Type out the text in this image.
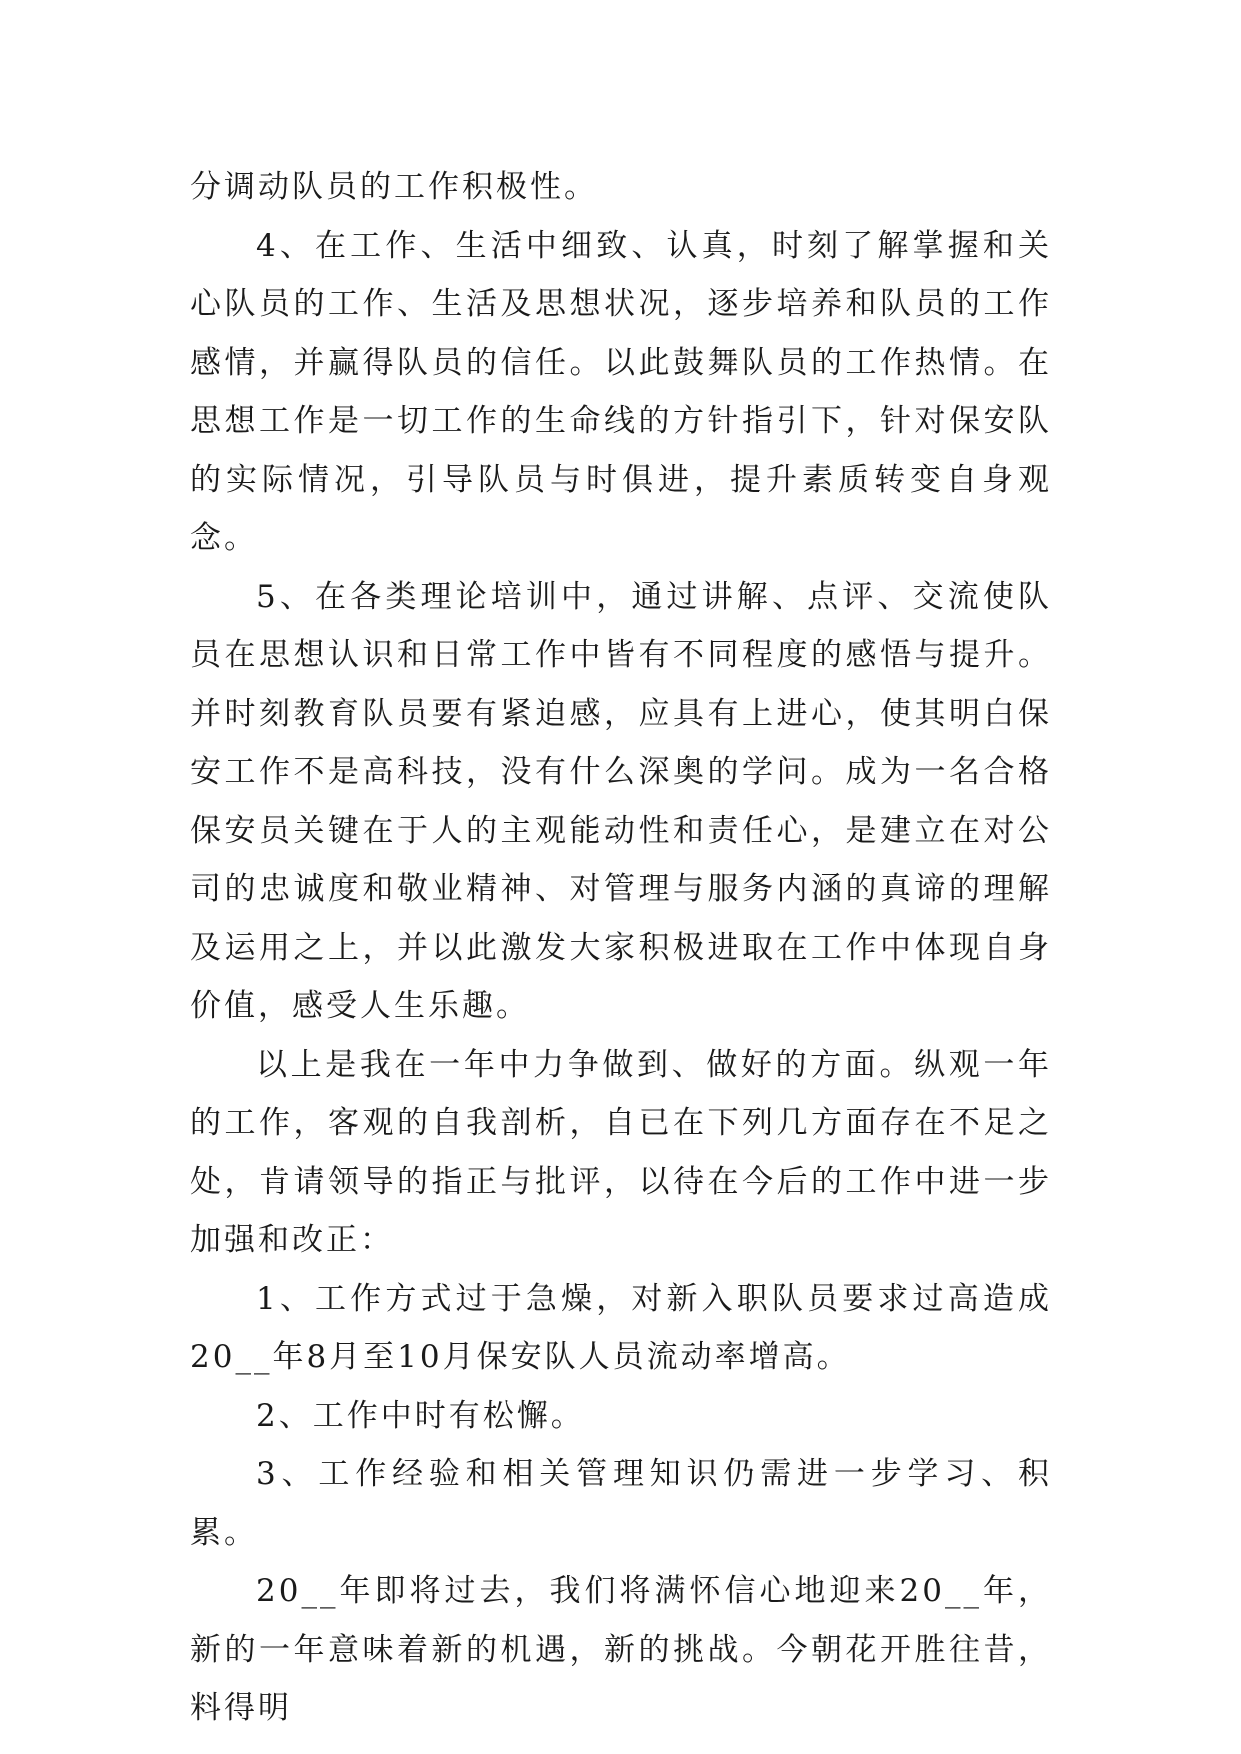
分调动队员的工作积极性。

4、在工作、生活中细致、认真，时刻了解掌握和关心队员的工作、生活及思想状况，逐步培养和队员的工作感情，并赢得队员的信任。以此鼓舞队员的工作热情。在思想工作是一切工作的生命线的方针指引下，针对保安队的实际情况，引导队员与时俱进，提升素质转变自身观念。

5、在各类理论培训中，通过讲解、点评、交流使队员在思想认识和日常工作中皆有不同程度的感悟与提升。并时刻教育队员要有紧迫感，应具有上进心，使其明白保安工作不是高科技，没有什么深奥的学问。成为一名合格保安员关键在于人的主观能动性和责任心，是建立在对公司的忠诚度和敬业精神、对管理与服务内涵的真谛的理解及运用之上，并以此激发大家积极进取在工作中体现自身价值，感受人生乐趣。

以上是我在一年中力争做到、做好的方面。纵观一年的工作，客观的自我剖析，自已在下列几方面存在不足之处，肯请领导的指正与批评，以待在今后的工作中进一步加强和改正：

1、工作方式过于急燥，对新入职队员要求过高造成20__年8月至10月保安队人员流动率增高。

2、工作中时有松懈。

3、工作经验和相关管理知识仍需进一步学习、积累。

20__年即将过去，我们将满怀信心地迎来20__年，新的一年意味着新的机遇，新的挑战。今朝花开胜往昔，料得明
